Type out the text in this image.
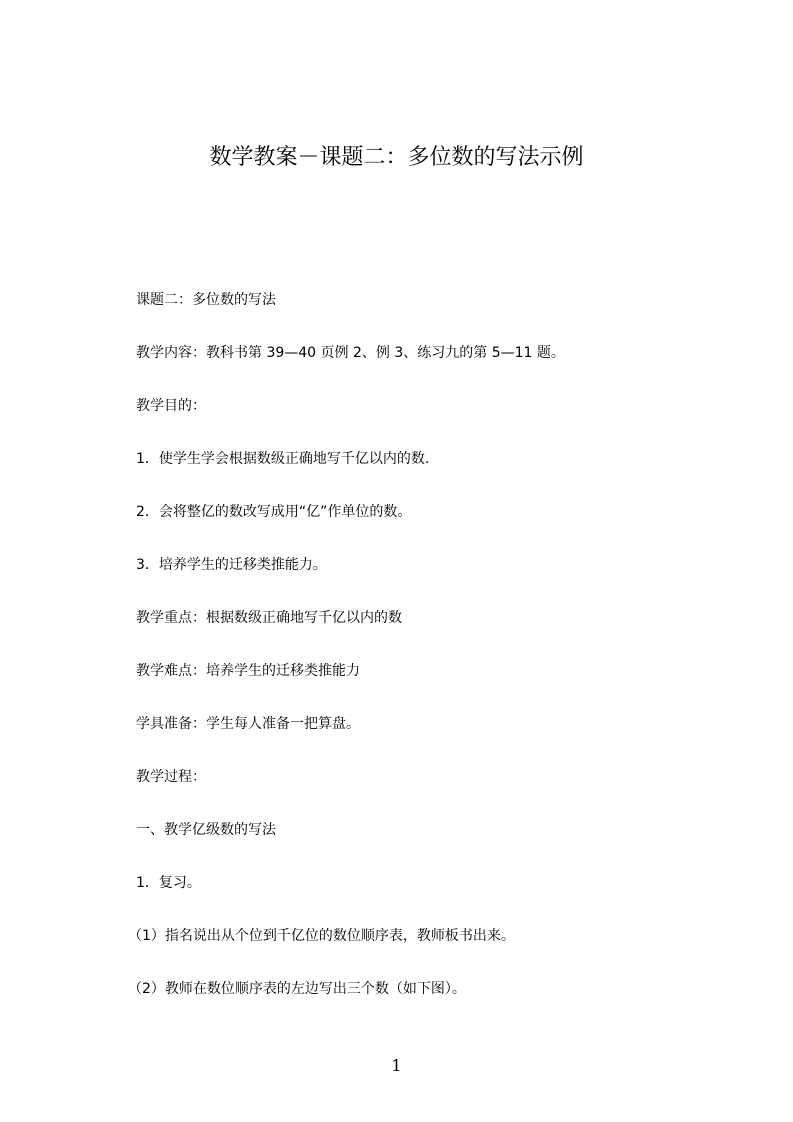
数学教案－课题二：多位数的写法示例
课题二：多位数的写法
教学内容：教科书第 39—40 页例 2、例 3、练习九的第 5—11 题。
教学目的：
1．使学生学会根据数级正确地写千亿以内的数.
2．会将整亿的数改写成用“亿”作单位的数。
3．培养学生的迁移类推能力。
教学重点：根据数级正确地写千亿以内的数
教学难点：培养学生的迁移类推能力
学具准备：学生每人准备一把算盘。
教学过程：
一、教学亿级数的写法
1．复习。
（1）指名说出从个位到千亿位的数位顺序表，教师板书出来。
（2）教师在数位顺序表的左边写出三个数（如下图）。
1
